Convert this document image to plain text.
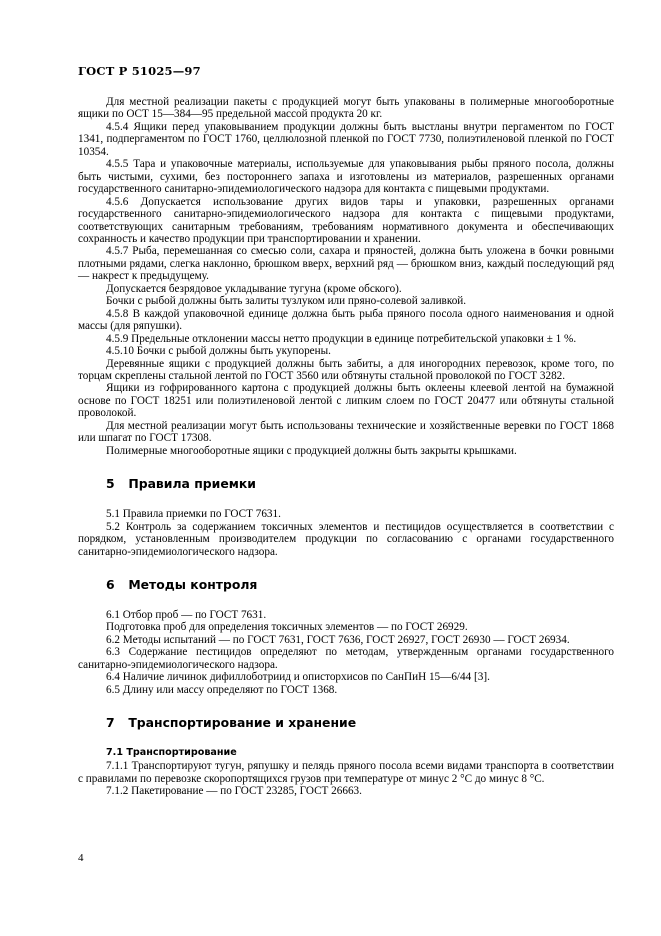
ГОСТ Р 51025—97

Для местной реализации пакеты с продукцией могут быть упакованы в полимерные многооборотные ящики по ОСТ 15—384—95 предельной массой продукта 20 кг.

4.5.4 Ящики перед упаковыванием продукции должны быть выстланы внутри пергаментом по ГОСТ 1341, подпергаментом по ГОСТ 1760, целлюлозной пленкой по ГОСТ 7730, полиэтиленовой пленкой по ГОСТ 10354.

4.5.5 Тара и упаковочные материалы, используемые для упаковывания рыбы пряного посола, должны быть чистыми, сухими, без постороннего запаха и изготовлены из материалов, разрешенных органами государственного санитарно-эпидемиологического надзора для контакта с пищевыми продуктами.

4.5.6 Допускается использование других видов тары и упаковки, разрешенных органами государственного санитарно-эпидемиологического надзора для контакта с пищевыми продуктами, соответствующих санитарным требованиям, требованиям нормативного документа и обеспечивающих сохранность и качество продукции при транспортировании и хранении.

4.5.7 Рыба, перемешанная со смесью соли, сахара и пряностей, должна быть уложена в бочки ровными плотными рядами, слегка наклонно, брюшком вверх, верхний ряд — брюшком вниз, каждый последующий ряд — накрест к предыдущему.

Допускается безрядовое укладывание тугуна (кроме обского).

Бочки с рыбой должны быть залиты тузлуком или пряно-солевой заливкой.

4.5.8 В каждой упаковочной единице должна быть рыба пряного посола одного наименования и одной массы (для ряпушки).

4.5.9 Предельные отклонении массы нетто продукции в единице потребительской упаковки ± 1 %.

4.5.10 Бочки с рыбой должны быть укупорены.

Деревянные ящики с продукцией должны быть забиты, а для иногородних перевозок, кроме того, по торцам скреплены стальной лентой по ГОСТ 3560 или обтянуты стальной проволокой по ГОСТ 3282.

Ящики из гофрированного картона с продукцией должны быть оклеены клеевой лентой на бумажной основе по ГОСТ 18251 или полиэтиленовой лентой с липким слоем по ГОСТ 20477 или обтянуты стальной проволокой.

Для местной реализации могут быть использованы технические и хозяйственные веревки по ГОСТ 1868 или шпагат по ГОСТ 17308.

Полимерные многооборотные ящики с продукцией должны быть закрыты крышками.

5 Правила приемки

5.1 Правила приемки по ГОСТ 7631.

5.2 Контроль за содержанием токсичных элементов и пестицидов осуществляется в соответствии с порядком, установленным производителем продукции по согласованию с органами государственного санитарно-эпидемиологического надзора.

6 Методы контроля

6.1 Отбор проб — по ГОСТ 7631.

Подготовка проб для определения токсичных элементов — по ГОСТ 26929.

6.2 Методы испытаний — по ГОСТ 7631, ГОСТ 7636, ГОСТ 26927, ГОСТ 26930 — ГОСТ 26934.

6.3 Содержание пестицидов определяют по методам, утвержденным органами государственного санитарно-эпидемиологического надзора.

6.4 Наличие личинок дифиллоботриид и описторхисов по СанПиН 15—6/44 [3].

6.5 Длину или массу определяют по ГОСТ 1368.

7 Транспортирование и хранение
7.1 Транспортирование

7.1.1 Транспортируют тугун, ряпушку и пелядь пряного посола всеми видами транспорта в соответствии с правилами по перевозке скоропортящихся грузов при температуре от минус 2 °С до минус 8 °С.

7.1.2 Пакетирование — по ГОСТ 23285, ГОСТ 26663.

4
